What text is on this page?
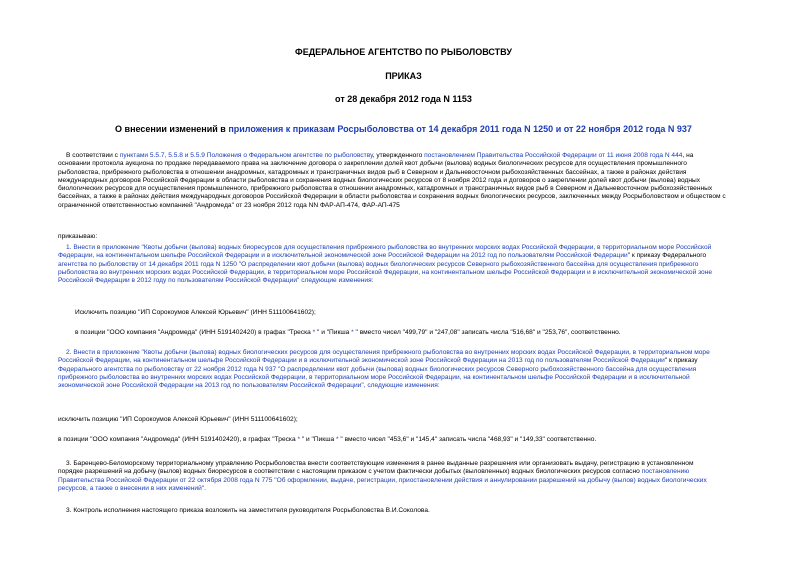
ФЕДЕРАЛЬНОЕ АГЕНТСТВО ПО РЫБОЛОВСТВУ
ПРИКАЗ
от 28 декабря 2012 года N 1153
О внесении изменений в приложения к приказам Росрыболовства от 14 декабря 2011 года N 1250 и от 22 ноября 2012 года N 937
В соответствии с пунктами 5.5.7, 5.5.8 и 5.5.9 Положения о Федеральном агентстве по рыболовству, утвержденного постановлением Правительства Российской Федерации от 11 июня 2008 года N 444, на
основании протокола аукциона по продаже передаваемого права на заключение договора о закреплении долей квот добычи (вылова) водных биологических ресурсов для осуществления промышленного
рыболовства, прибрежного рыболовства в отношении анадромных, катадромных и трансграничных видов рыб в Северном и Дальневосточном рыбохозяйственных бассейнах, а также в районах действия
международных договоров Российской Федерации в области рыболовства и сохранения водных биологических ресурсов от 8 ноября 2012 года и договоров о закреплении долей квот добычи (вылова) водных
биологических ресурсов для осуществления промышленного, прибрежного рыболовства в отношении анадромных, катадромных и трансграничных видов рыб в Северном и Дальневосточном рыбохозяйственных
бассейнах, а также в районах действия международных договоров Российской Федерации в области рыболовства и сохранения водных биологических ресурсов, заключенных между Росрыболовством и обществом с
ограниченной ответственностью компанией "Андромеда" от 23 ноября 2012 года NN ФАР-АП-474, ФАР-АП-475
приказываю:
1. Внести в приложение "Квоты добычи (вылова) водных биоресурсов для осуществления прибрежного рыболовства во внутренних морских водах Российской Федерации, в территориальном море Российской
Федерации, на континентальном шельфе Российской Федерации и в исключительной экономической зоне Российской Федерации на 2012 год по пользователям Российской Федерации" к приказу Федерального
агентства по рыболовству от 14 декабря 2011 года N 1250 "О распределении квот добычи (вылова) водных биологических ресурсов Северного рыбохозяйственного бассейна для осуществления прибрежного
рыболовства во внутренних морских водах Российской Федерации, в территориальном море Российской Федерации, на континентальном шельфе Российской Федерации и в исключительной экономической зоне
Российской Федерации в 2012 году по пользователям Российской Федерации" следующие изменения:
Исключить позицию "ИП Сорокоумов Алексей Юрьевич" (ИНН 511100641602);
в позиции "ООО компания "Андромеда" (ИНН 5191402420) в графах "Треска * " и "Пикша * " вместо чисел "499,79" и "247,08" записать числа "516,68" и "253,76", соответственно.
2. Внести в приложение "Квоты добычи (вылова) водных биологических ресурсов для осуществления прибрежного рыболовства во внутренних морских водах Российской Федерации, в территориальном море
Российской Федерации, на континентальном шельфе Российской Федерации и в исключительной экономической зоне Российской Федерации на 2013 год по пользователям Российской Федерации" к приказу
Федерального агентства по рыболовству от 22 ноября 2012 года N 937 "О распределении квот добычи (вылова) водных биологических ресурсов Северного рыбохозяйственного бассейна для осуществления
прибрежного рыболовства во внутренних морских водах Российской Федерации, в территориальном море Российской Федерации, на континентальном шельфе Российской Федерации и в исключительной
экономической зоне Российской Федерации на 2013 год по пользователям Российской Федерации", следующие изменения:
исключить позицию "ИП Сорокоумов Алексей Юрьевич" (ИНН 511100641602);
в позиции "ООО компания "Андромеда" (ИНН 5191402420), в графах "Треска * " и "Пикша * " вместо чисел "453,6" и "145,4" записать числа "468,93" и "149,33" соответственно.
3. Баренцево-Беломорскому территориальному управлению Росрыболовства внести соответствующие изменения в ранее выданные разрешения или организовать выдачу, регистрацию в установленном
порядке разрешений на добычу (вылов) водных биоресурсов в соответствии с настоящим приказом с учетом фактически добытых (выловленных) водных биологических ресурсов согласно постановлению
Правительства Российской Федерации от 22 октября 2008 года N 775 "Об оформлении, выдаче, регистрации, приостановлении действия и аннулировании разрешений на добычу (вылов) водных биологических
ресурсов, а также о внесении в них изменений".
3. Контроль исполнения настоящего приказа возложить на заместителя руководителя Росрыболовства В.И.Соколова.
